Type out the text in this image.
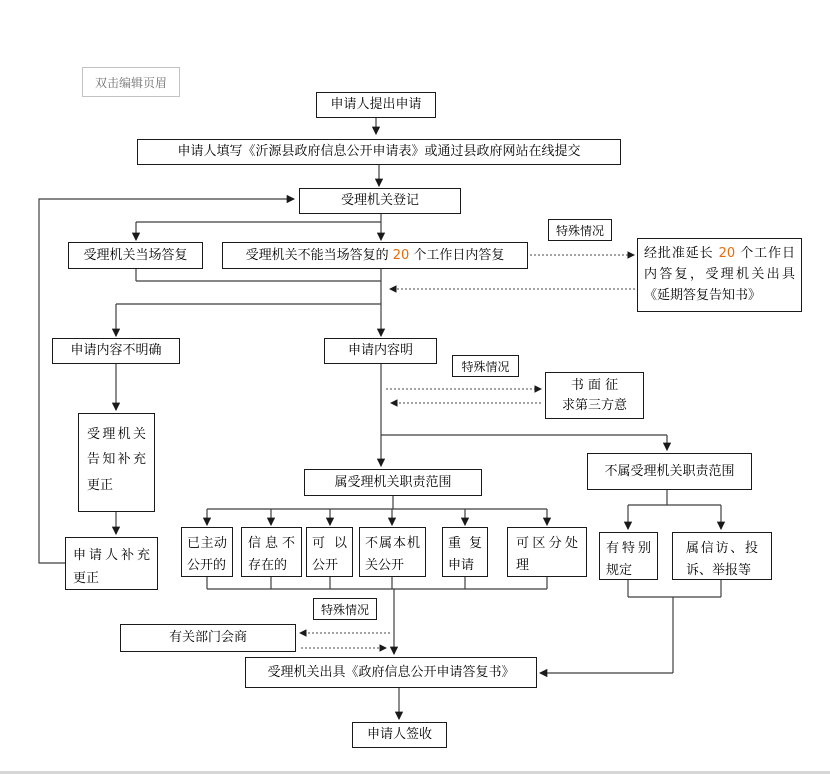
双击编辑页眉
申请人提出申请
申请人填写《沂源县政府信息公开申请表》或通过县政府网站在线提交
受理机关登记
受理机关当场答复	受理机关不能当场答复的 20 个工作日内答复
特殊情况
经批准延长 20 个工作日内答复，受理机关出具《延期答复告知书》
申请内容不明确	申请内容明
特殊情况
书 面 征
求第三方意
受理机关告知补充更正
申请人补充更正
属受理机关职责范围
不属受理机关职责范围
已主动公开的
信息不存在的
可以公开
不属本机关公开
重复申请
可区分处理
有特别规定
属信访、投诉、举报等
特殊情况
有关部门会商
受理机关出具《政府信息公开申请答复书》
申请人签收
